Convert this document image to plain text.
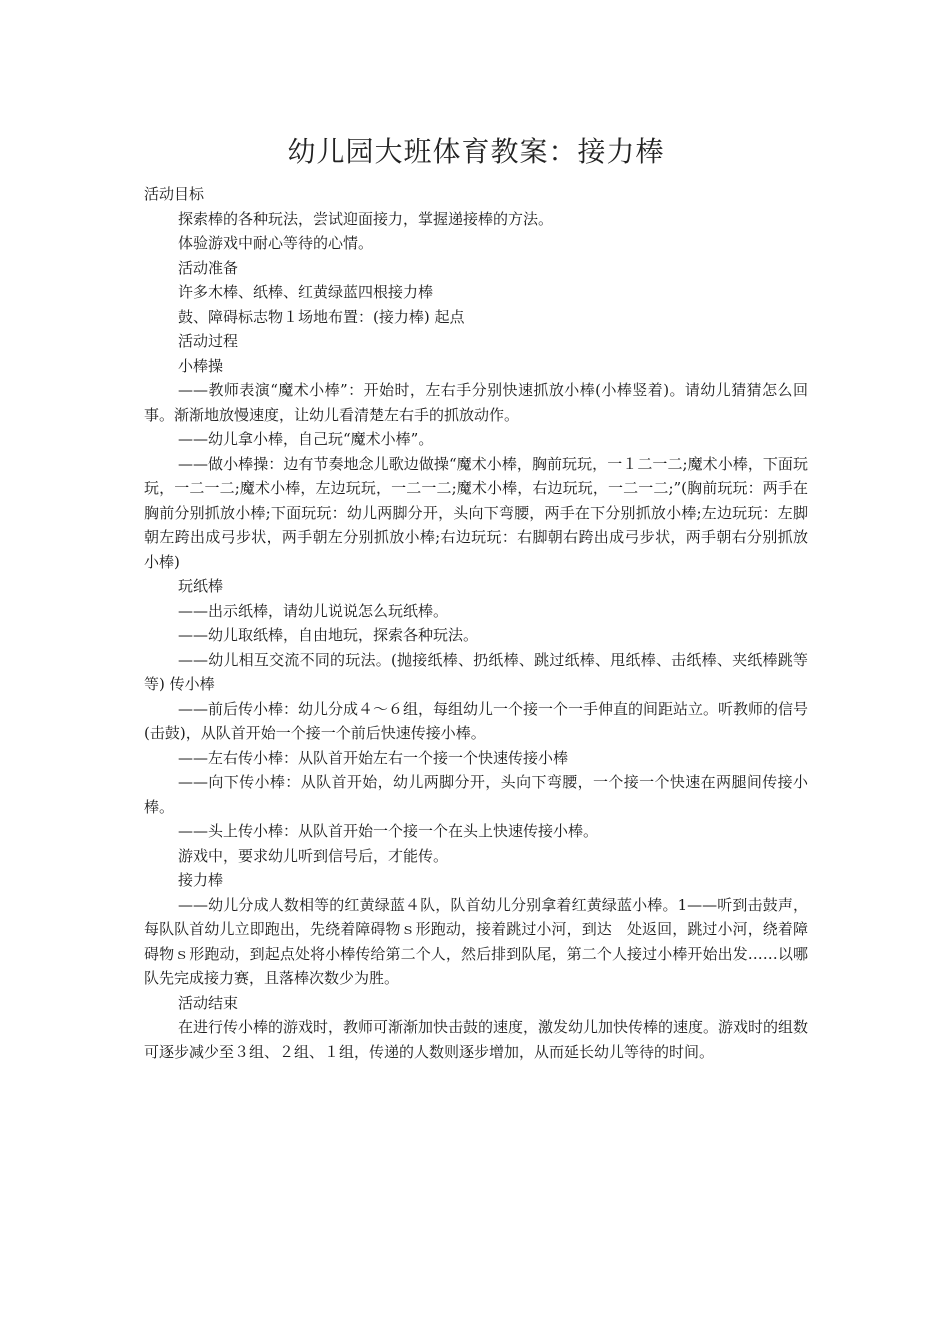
幼儿园大班体育教案：接力棒

活动目标

探索棒的各种玩法，尝试迎面接力，掌握递接棒的方法。

体验游戏中耐心等待的心情。

活动准备

许多木棒、纸棒、红黄绿蓝四根接力棒

鼓、障碍标志物１场地布置：(接力棒) 起点

活动过程

小棒操

——教师表演“魔术小棒”：开始时，左右手分别快速抓放小棒(小棒竖着)。请幼儿猜猜怎么回事。渐渐地放慢速度，让幼儿看清楚左右手的抓放动作。

——幼儿拿小棒，自己玩“魔术小棒”。

——做小棒操：边有节奏地念儿歌边做操“魔术小棒，胸前玩玩，一１二一二;魔术小棒，下面玩玩，一二一二;魔术小棒，左边玩玩，一二一二;魔术小棒，右边玩玩，一二一二;”(胸前玩玩：两手在胸前分别抓放小棒;下面玩玩：幼儿两脚分开，头向下弯腰，两手在下分别抓放小棒;左边玩玩：左脚朝左跨出成弓步状，两手朝左分别抓放小棒;右边玩玩：右脚朝右跨出成弓步状，两手朝右分别抓放小棒)

玩纸棒

——出示纸棒，请幼儿说说怎么玩纸棒。

——幼儿取纸棒，自由地玩，探索各种玩法。

——幼儿相互交流不同的玩法。(抛接纸棒、扔纸棒、跳过纸棒、甩纸棒、击纸棒、夹纸棒跳等等) 传小棒

——前后传小棒：幼儿分成４～６组，每组幼儿一个接一个一手伸直的间距站立。听教师的信号(击鼓)，从队首开始一个接一个前后快速传接小棒。

——左右传小棒：从队首开始左右一个接一个快速传接小棒

——向下传小棒：从队首开始，幼儿两脚分开，头向下弯腰，一个接一个快速在两腿间传接小棒。

——头上传小棒：从队首开始一个接一个在头上快速传接小棒。

游戏中，要求幼儿听到信号后，才能传。

接力棒

——幼儿分成人数相等的红黄绿蓝４队，队首幼儿分别拿着红黄绿蓝小棒。1——听到击鼓声，每队队首幼儿立即跑出，先绕着障碍物ｓ形跑动，接着跳过小河，到达　处返回，跳过小河，绕着障碍物ｓ形跑动，到起点处将小棒传给第二个人，然后排到队尾，第二个人接过小棒开始出发……以哪队先完成接力赛，且落棒次数少为胜。

活动结束

在进行传小棒的游戏时，教师可渐渐加快击鼓的速度，激发幼儿加快传棒的速度。游戏时的组数可逐步减少至３组、２组、１组，传递的人数则逐步增加，从而延长幼儿等待的时间。
